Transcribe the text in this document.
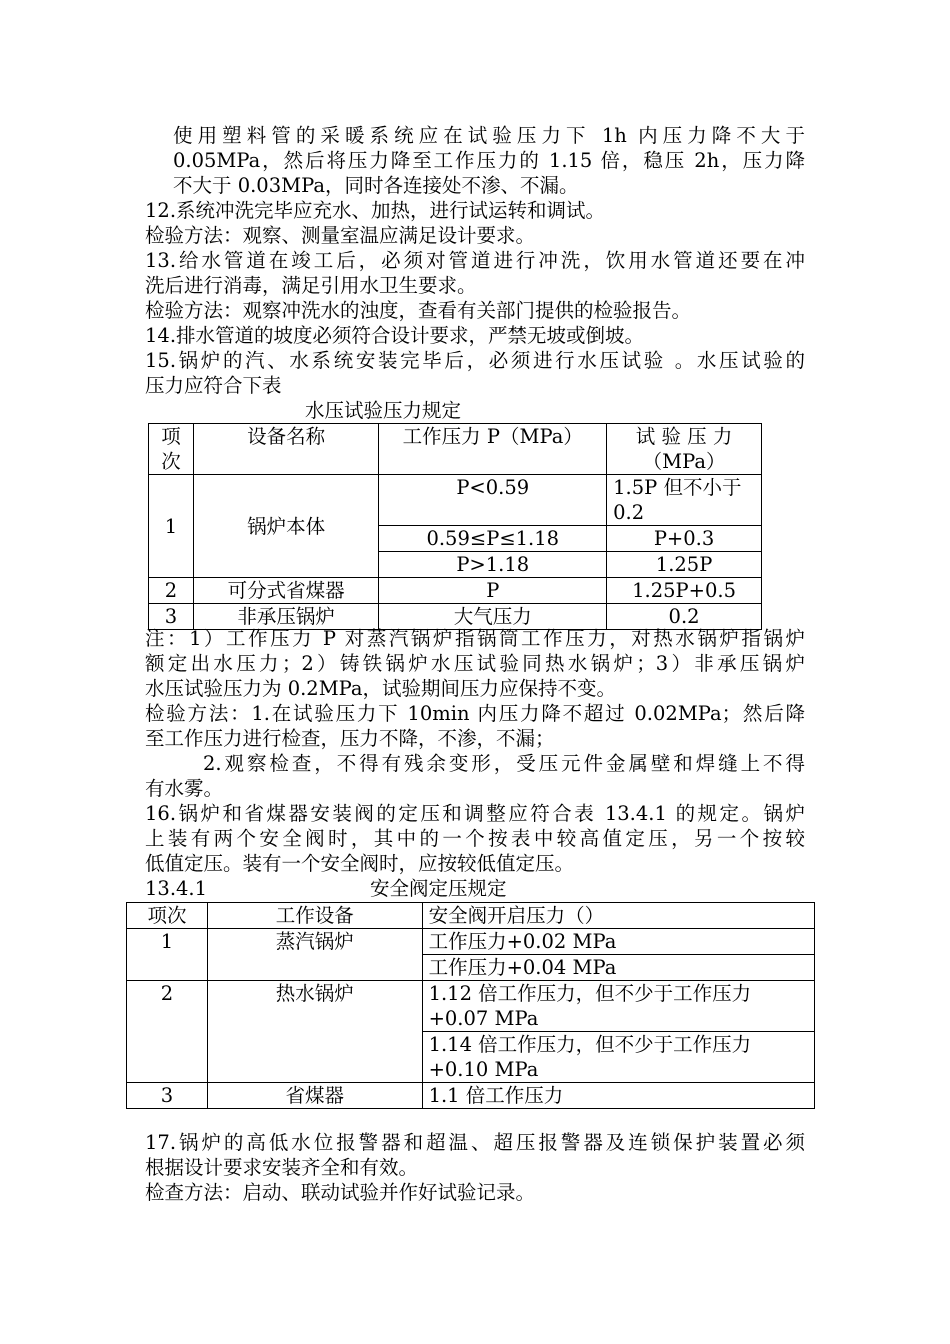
使用塑料管的采暖系统应在试验压力下 1h 内压力降不大于
0.05MPa，然后将压力降至工作压力的 1.15 倍，稳压 2h，压力降
不大于 0.03MPa，同时各连接处不渗、不漏。
12.系统冲洗完毕应充水、加热，进行试运转和调试。
检验方法：观察、测量室温应满足设计要求。
13.给水管道在竣工后，必须对管道进行冲洗，饮用水管道还要在冲
洗后进行消毒，满足引用水卫生要求。
检验方法：观察冲洗水的浊度，查看有关部门提供的检验报告。
14.排水管道的坡度必须符合设计要求，严禁无坡或倒坡。
15.锅炉的汽、水系统安装完毕后，必须进行水压试验 。水压试验的
压力应符合下表
水压试验压力规定
项次	设备名称	工作压力 P（MPa）	试 验 压 力（MPa）
1	锅炉本体	P<0.59	1.5P 但不小于 0.2
		0.59≤P≤1.18	P+0.3
		P>1.18	1.25P
2	可分式省煤器	P	1.25P+0.5
3	非承压锅炉	大气压力	0.2
注：1）工作压力 P 对蒸汽锅炉指锅筒工作压力，对热水锅炉指锅炉
额定出水压力；2）铸铁锅炉水压试验同热水锅炉；3）非承压锅炉
水压试验压力为 0.2MPa，试验期间压力应保持不变。
检验方法：1.在试验压力下 10min 内压力降不超过 0.02MPa；然后降
至工作压力进行检查，压力不降，不渗，不漏；
2.观察检查，不得有残余变形，受压元件金属壁和焊缝上不得
有水雾。
16.锅炉和省煤器安装阀的定压和调整应符合表 13.4.1 的规定。锅炉
上装有两个安全阀时，其中的一个按表中较高值定压，另一个按较
低值定压。装有一个安全阀时，应按较低值定压。
13.4.1	安全阀定压规定
项次	工作设备	安全阀开启压力（）
1	蒸汽锅炉	工作压力+0.02 MPa
		工作压力+0.04 MPa
2	热水锅炉	1.12 倍工作压力，但不少于工作压力
+0.07 MPa

		1.14 倍工作压力，但不少于工作压力
+0.10 MPa

3	省煤器	1.1 倍工作压力
17.锅炉的高低水位报警器和超温、超压报警器及连锁保护装置必须
根据设计要求安装齐全和有效。
检查方法：启动、联动试验并作好试验记录。
